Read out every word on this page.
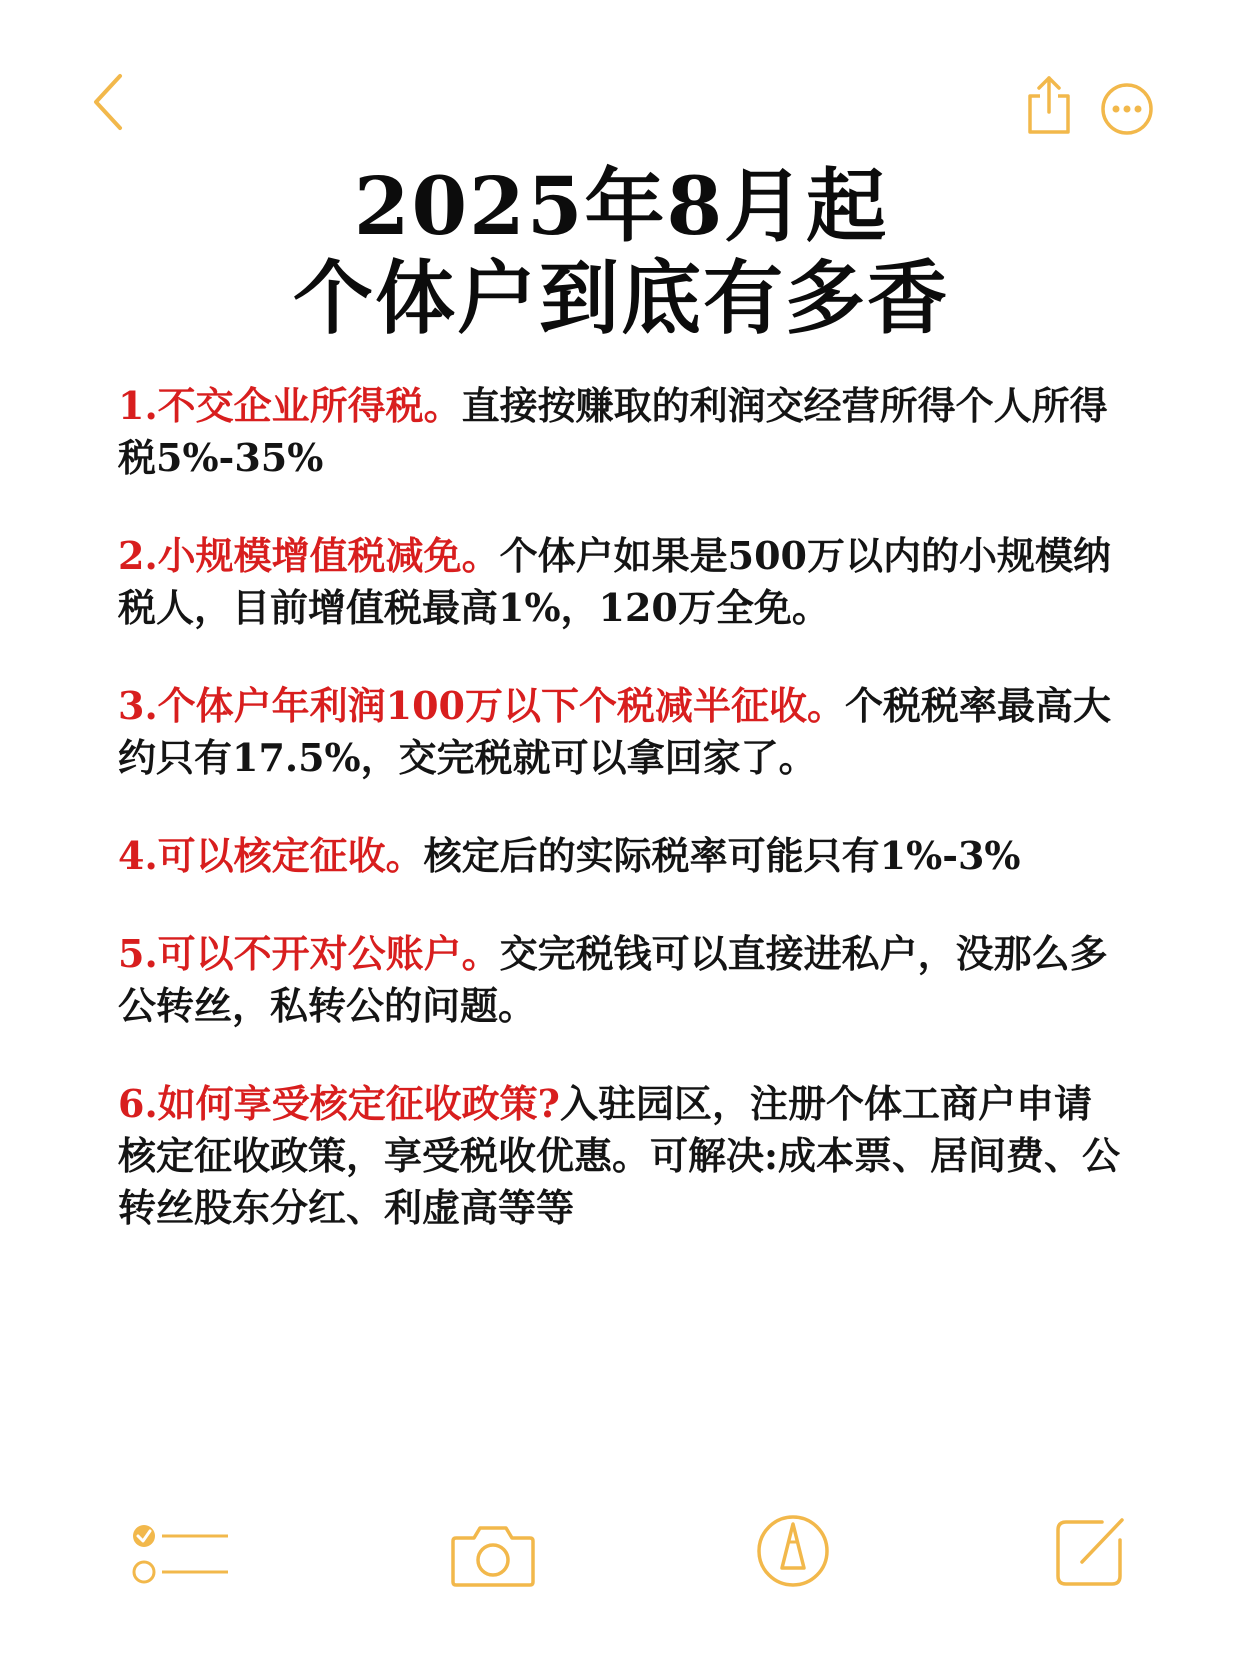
2025年8月起
个体户到底有多香

1.不交企业所得税。直接按赚取的利润交经营所得个人所得税5%-35%

2.小规模增值税减免。个体户如果是500万以内的小规模纳税人，目前增值税最高1%，120万全免。

3.个体户年利润100万以下个税减半征收。个税税率最高大约只有17.5%，交完税就可以拿回家了。

4.可以核定征收。核定后的实际税率可能只有1%-3%

5.可以不开对公账户。交完税钱可以直接进私户，没那么多公转丝，私转公的问题。

6.如何享受核定征收政策?入驻园区，注册个体工商户申请核定征收政策，享受税收优惠。可解决:成本票、居间费、公转丝股东分红、利虚高等等
